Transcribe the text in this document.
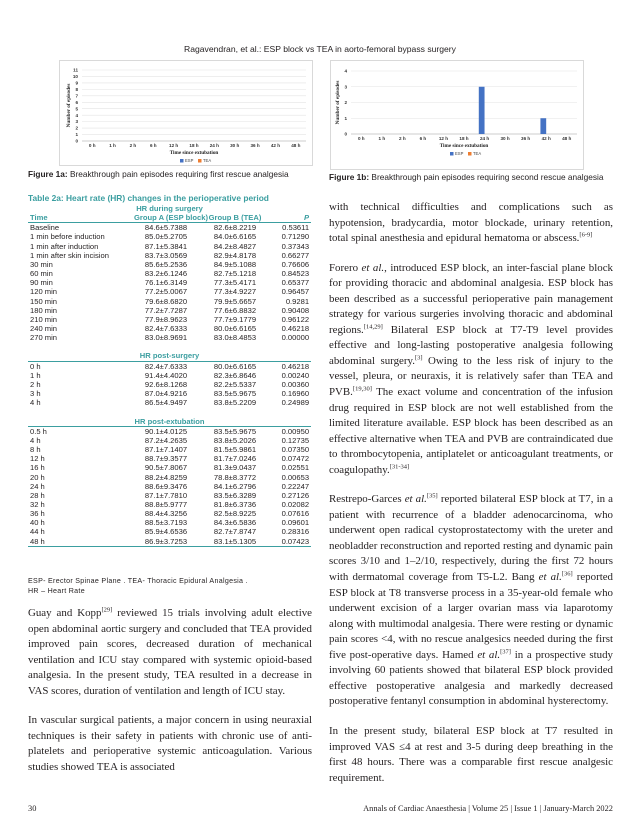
Ragavendran, et al.: ESP block vs TEA in aorto-femoral bypass surgery
0
1
2
3
4
5
6
7
8
9
10
11
0 h	1 h	2 h	6 h	12 h 18 h 24 h 30 h 36 h 42 h 48 h
Time since extubation
Number of episodes
ESP TEA
Figure 1a: Breakthrough pain episodes requiring first rescue analgesia
0
1
2
3
4
0 h	1 h	2 h	6 h	12 h 18 h 24 h 30 h 36 h 42 h 48 h
Time since extubation
Number of episodes
ESP TEA
Figure 1b: Breakthrough pain episodes requiring second rescue analgesia
Table 2a: Heart rate (HR) changes in the perioperative period
HR during surgery			
Time	Group A (ESP block)	Group B (TEA)	P
Baseline	84.6±5.7388	82.6±8.2219	0.53611
1 min before induction	85.0±5.2705	84.0±6.6165	0.71290
1 min after induction	87.1±5.3841	84.2±8.4827	0.37343
1 min after skin incision	83.7±3.0569	82.9±4.8178	0.66277
30 min	85.6±5.2536	84.9±5.1088	0.76606
60 min	83.2±6.1246	82.7±5.1218	0.84523
90 min	76.1±6.3149	77.3±5.4171	0.65377
120 min	77.2±5.0067	77.3±4.9227	0.96457
150 min	79.6±8.6820	79.9±5.6657	0.9281
180 min	77.2±7.7287	77.6±6.8832	0.90408
210 min	77.9±8.9623	77.7±9.1779	0.96122
240 min	82.4±7.6333	80.0±6.6165	0.46218
270 min	83.0±8.9691	83.0±8.4853	0.00000

HR post-surgery			
0 h	82.4±7.6333	80.0±6.6165	0.46218
1 h	91.4±4.4020	82.3±6.8646	0.00240
2 h	92.6±8.1268	82.2±5.5337	0.00360
3 h	87.0±4.9216	83.5±5.9675	0.16960
4 h	86.5±4.9497	83.8±5.2209	0.24989

HR post-extubation			
0.5 h	90.1±4.0125	83.5±5.9675	0.00950
4 h	87.2±4.2635	83.8±5.2026	0.12735
8 h	87.1±7.1407	81.5±5.9861	0.07350
12 h	88.7±9.3577	81.7±7.0246	0.07472
16 h	90.5±7.8067	81.3±9.0437	0.02551
20 h	88.2±4.8259	78.8±8.3772	0.00653
24 h	88.6±9.3476	84.1±6.2796	0.22247
28 h	87.1±7.7810	83.5±6.3289	0.27126
32 h	88.8±5.9777	81.8±6.3736	0.02082
36 h	88.4±4.3256	82.5±8.9225	0.07616
40 h	88.5±3.7193	84.3±6.5836	0.09601
44 h	85.9±4.6536	82.7±7.8747	0.28316
48 h	86.9±3.7253	83.1±5.1305	0.07423
ESP- Erector Spinae Plane . TEA- Thoracic Epidural Analgesia .
HR – Heart Rate

Guay and Kopp[29] reviewed 15 trials involving adult elective open abdominal aortic surgery and concluded that TEA provided improved pain scores, decreased duration of mechanical ventilation and ICU stay compared with systemic opioid-based analgesia. In the present study, TEA resulted in a decrease in VAS scores, duration of ventilation and length of ICU stay.

In vascular surgical patients, a major concern in using neuraxial techniques is their safety in patients with chronic use of anti-platelets and perioperative systemic anticoagulation. Various studies showed TEA is associated

with technical difficulties and complications such as hypotension, bradycardia, motor blockade, urinary retention, total spinal anesthesia and epidural hematoma or abscess.[6-9]

Forero et al., introduced ESP block, an inter-fascial plane block for providing thoracic and abdominal analgesia. ESP block has been described as a successful perioperative pain management strategy for various surgeries involving thoracic and abdominal regions.[14,29] Bilateral ESP block at T7-T9 level provides effective and long-lasting postoperative analgesia following abdominal surgery.[3] Owing to the less risk of injury to the vessel, pleura, or neuraxis, it is relatively safer than TEA and PVB.[19,30] The exact volume and concentration of the infusion drug required in ESP block are not well established from the limited literature available. ESP block has been described as an effective alternative when TEA and PVB are contraindicated due to thrombocytopenia, antiplatelet or anticoagulant treatments, or coagulopathy.[31-34]

Restrepo-Garces et al.[35] reported bilateral ESP block at T7, in a patient with recurrence of a bladder adenocarcinoma, who underwent open radical cystoprostatectomy with the ureter and neobladder reconstruction and reported resting and dynamic pain scores 3/10 and 1–2/10, respectively, during the first 72 hours with dermatomal coverage from T5-L2. Bang et al.[36] reported ESP block at T8 transverse process in a 35-year-old female who underwent excision of a larger ovarian mass via laparotomy along with multimodal analgesia. There were resting or dynamic pain scores <4, with no rescue analgesics needed during the first five post-operative days. Hamed et al.[37] in a prospective study involving 60 patients showed that bilateral ESP block provided effective postoperative analgesia and markedly decreased postoperative fentanyl consumption in abdominal hysterectomy.

In the present study, bilateral ESP block at T7 resulted in improved VAS ≤4 at rest and 3-5 during deep breathing in the first 48 hours. There was a comparable first rescue analgesic requirement.

30	Annals of Cardiac Anaesthesia | Volume 25 | Issue 1 | January-March 2022
